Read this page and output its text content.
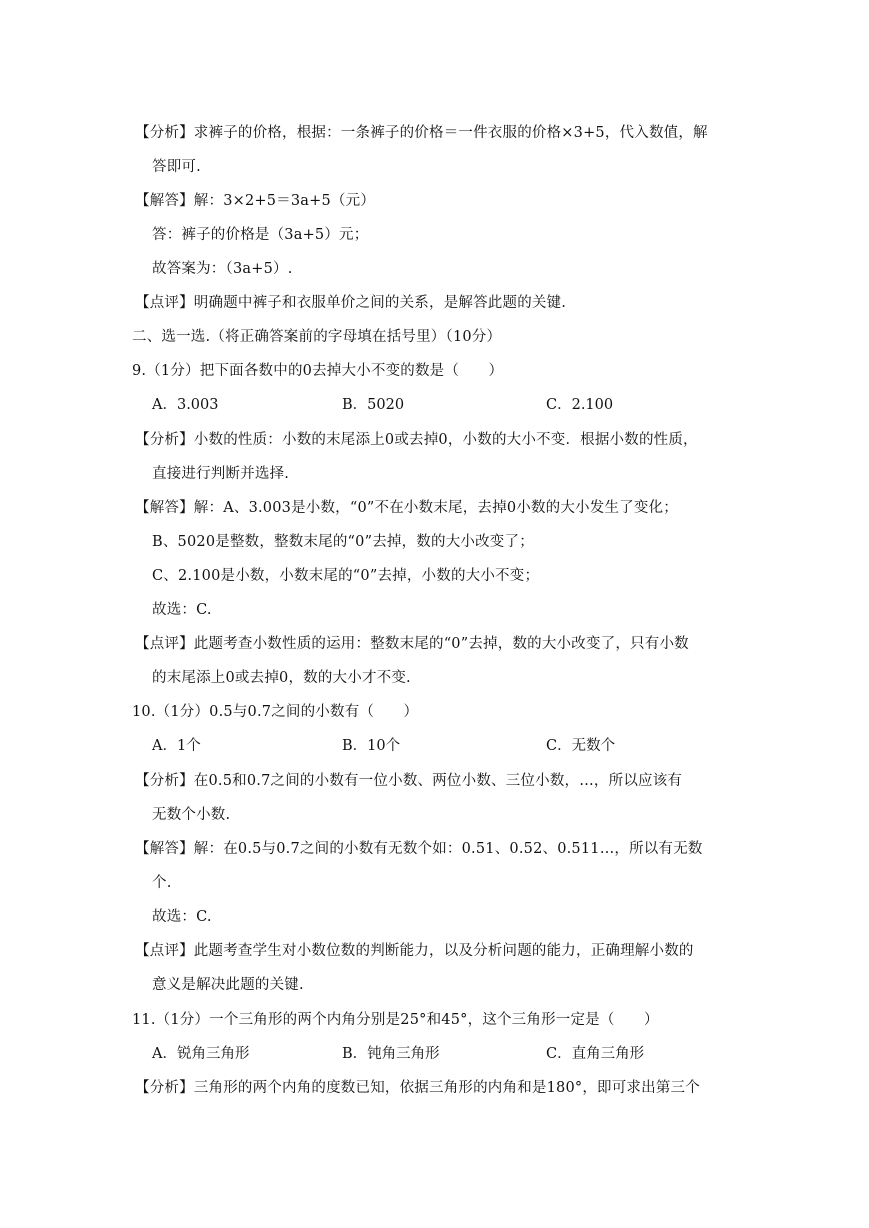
【分析】求裤子的价格，根据：一条裤子的价格＝一件衣服的价格×3+5，代入数值，解
答即可.
【解答】解：3×2+5＝3a+5（元）
答：裤子的价格是（3a+5）元；
故答案为：（3a+5）.
【点评】明确题中裤子和衣服单价之间的关系，是解答此题的关键.
二、选一选.（将正确答案前的字母填在括号里）（10分）
9.（1分）把下面各数中的0去掉大小不变的数是（　　）
A．3.003	B．5020	C．2.100
【分析】小数的性质：小数的末尾添上0或去掉0，小数的大小不变．根据小数的性质，
直接进行判断并选择.
【解答】解：A、3.003是小数，“0”不在小数末尾，去掉0小数的大小发生了变化；
B、5020是整数，整数末尾的“0”去掉，数的大小改变了；
C、2.100是小数，小数末尾的“0”去掉，小数的大小不变；
故选：C.
【点评】此题考查小数性质的运用：整数末尾的“0”去掉，数的大小改变了，只有小数
的末尾添上0或去掉0，数的大小才不变.
10.（1分）0.5与0.7之间的小数有（　　）
A．1个	B．10个	C．无数个
【分析】在0.5和0.7之间的小数有一位小数、两位小数、三位小数，…，所以应该有
无数个小数.
【解答】解：在0.5与0.7之间的小数有无数个如：0.51、0.52、0.511…，所以有无数
个.
故选：C.
【点评】此题考查学生对小数位数的判断能力，以及分析问题的能力，正确理解小数的
意义是解决此题的关键.
11.（1分）一个三角形的两个内角分别是25°和45°，这个三角形一定是（　　）
A．锐角三角形	B．钝角三角形	C．直角三角形
【分析】三角形的两个内角的度数已知，依据三角形的内角和是180°，即可求出第三个
